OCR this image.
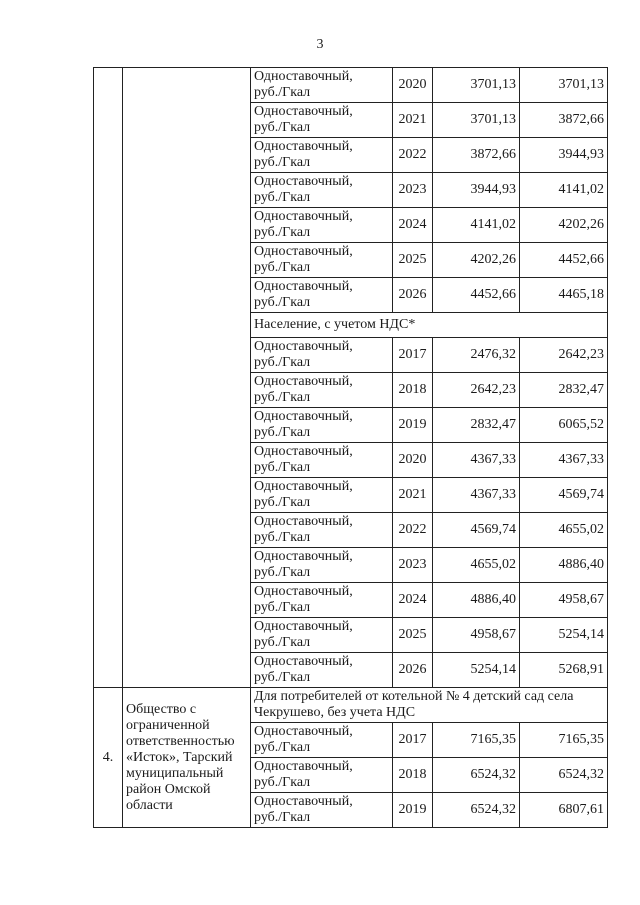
3

		Одноставочный,
руб./Гкал	2020	3701,13	3701,13

		Одноставочный,
руб./Гкал	2021	3701,13	3872,66

		Одноставочный,
руб./Гкал	2022	3872,66	3944,93

		Одноставочный,
руб./Гкал	2023	3944,93	4141,02

		Одноставочный,
руб./Гкал	2024	4141,02	4202,26

		Одноставочный,
руб./Гкал	2025	4202,26	4452,66

		Одноставочный,
руб./Гкал	2026	4452,66	4465,18
		Население, с учетом НДС*			

		Одноставочный,
руб./Гкал	2017	2476,32	2642,23

		Одноставочный,
руб./Гкал	2018	2642,23	2832,47

		Одноставочный,
руб./Гкал	2019	2832,47	6065,52

		Одноставочный,
руб./Гкал	2020	4367,33	4367,33

		Одноставочный,
руб./Гкал	2021	4367,33	4569,74

		Одноставочный,
руб./Гкал	2022	4569,74	4655,02

		Одноставочный,
руб./Гкал	2023	4655,02	4886,40

		Одноставочный,
руб./Гкал	2024	4886,40	4958,67

		Одноставочный,
руб./Гкал	2025	4958,67	5254,14

		Одноставочный,
руб./Гкал	2026	5254,14	5268,91
4.	Общество с ограниченной ответственностью «Исток», Тарский муниципальный район Омской области	Для потребителей от котельной № 4 детский сад села Чекрушево, без учета НДС			

		Одноставочный,
руб./Гкал	2017	7165,35	7165,35

		Одноставочный,
руб./Гкал	2018	6524,32	6524,32

		Одноставочный,
руб./Гкал	2019	6524,32	6807,61
